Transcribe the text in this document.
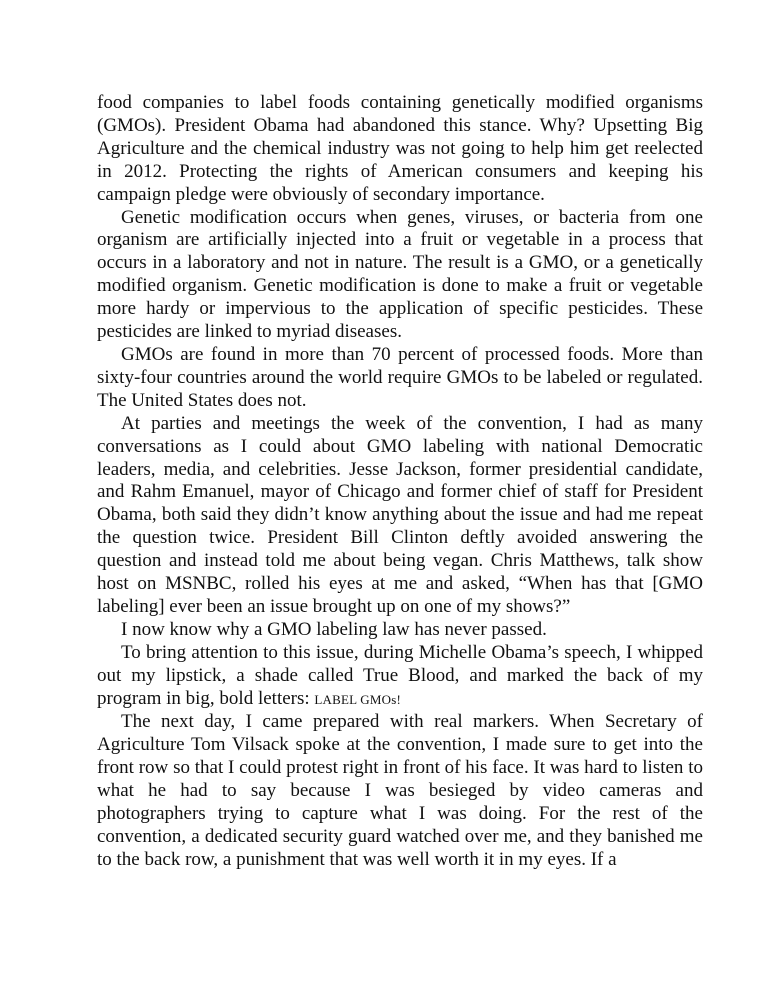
food companies to label foods containing genetically modified organisms (GMOs). President Obama had abandoned this stance. Why? Upsetting Big Agriculture and the chemical industry was not going to help him get reelected in 2012. Protecting the rights of American consumers and keeping his campaign pledge were obviously of secondary importance.

Genetic modification occurs when genes, viruses, or bacteria from one organism are artificially injected into a fruit or vegetable in a process that occurs in a laboratory and not in nature. The result is a GMO, or a genetically modified organism. Genetic modification is done to make a fruit or vegetable more hardy or impervious to the application of specific pesticides. These pesticides are linked to myriad diseases.

GMOs are found in more than 70 percent of processed foods. More than sixty-four countries around the world require GMOs to be labeled or regulated. The United States does not.

At parties and meetings the week of the convention, I had as many conversations as I could about GMO labeling with national Democratic leaders, media, and celebrities. Jesse Jackson, former presidential candidate, and Rahm Emanuel, mayor of Chicago and former chief of staff for President Obama, both said they didn’t know anything about the issue and had me repeat the question twice. President Bill Clinton deftly avoided answering the question and instead told me about being vegan. Chris Matthews, talk show host on MSNBC, rolled his eyes at me and asked, “When has that [GMO labeling] ever been an issue brought up on one of my shows?”

I now know why a GMO labeling law has never passed.

To bring attention to this issue, during Michelle Obama’s speech, I whipped out my lipstick, a shade called True Blood, and marked the back of my program in big, bold letters: LABEL GMOs!

The next day, I came prepared with real markers. When Secretary of Agriculture Tom Vilsack spoke at the convention, I made sure to get into the front row so that I could protest right in front of his face. It was hard to listen to what he had to say because I was besieged by video cameras and photographers trying to capture what I was doing. For the rest of the convention, a dedicated security guard watched over me, and they banished me to the back row, a punishment that was well worth it in my eyes. If a
